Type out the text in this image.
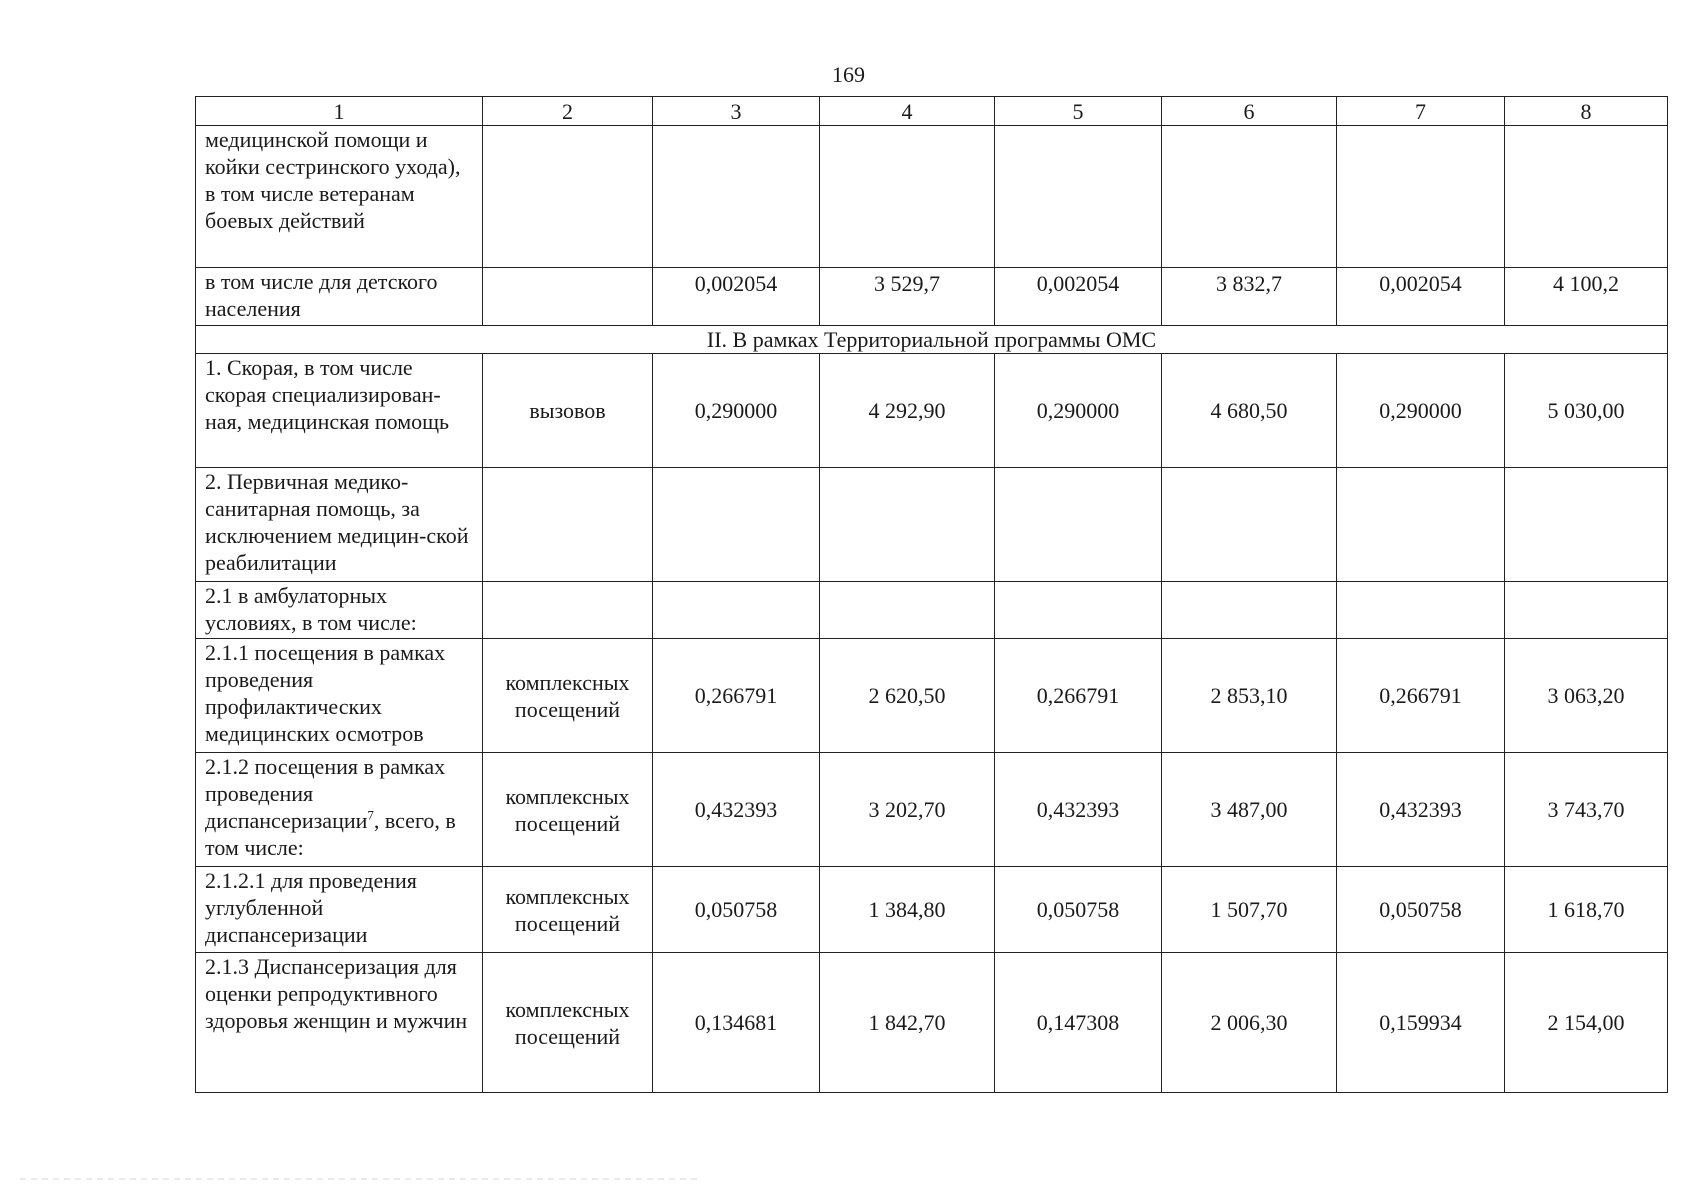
169
1	2	3	4	5	6	7	8
медицинской помощи и койки сестринского ухода), в том числе ветеранам боевых действий							
в том числе для детского населения		0,002054	3 529,7	0,002054	3 832,7	0,002054	4 100,2
II. В рамках Территориальной программы ОМС							
1. Скорая, в том числе скорая специализирован-ная, медицинская помощь	вызовов	0,290000	4 292,90	0,290000	4 680,50	0,290000	5 030,00
2. Первичная медико-санитарная помощь, за исключением медицин-ской реабилитации							
2.1 в амбулаторных условиях, в том числе:							
2.1.1 посещения в рамках проведения профилактических медицинских осмотров	комплексных посещений	0,266791	2 620,50	0,266791	2 853,10	0,266791	3 063,20
2.1.2 посещения в рамках проведения диспансеризации$^7$, всего, в том числе:	комплексных посещений	0,432393	3 202,70	0,432393	3 487,00	0,432393	3 743,70
2.1.2.1 для проведения углубленной диспансеризации	комплексных посещений	0,050758	1 384,80	0,050758	1 507,70	0,050758	1 618,70
2.1.3 Диспансеризация для оценки репродуктивного здоровья женщин и мужчин	комплексных посещений	0,134681	1 842,70	0,147308	2 006,30	0,159934	2 154,00
